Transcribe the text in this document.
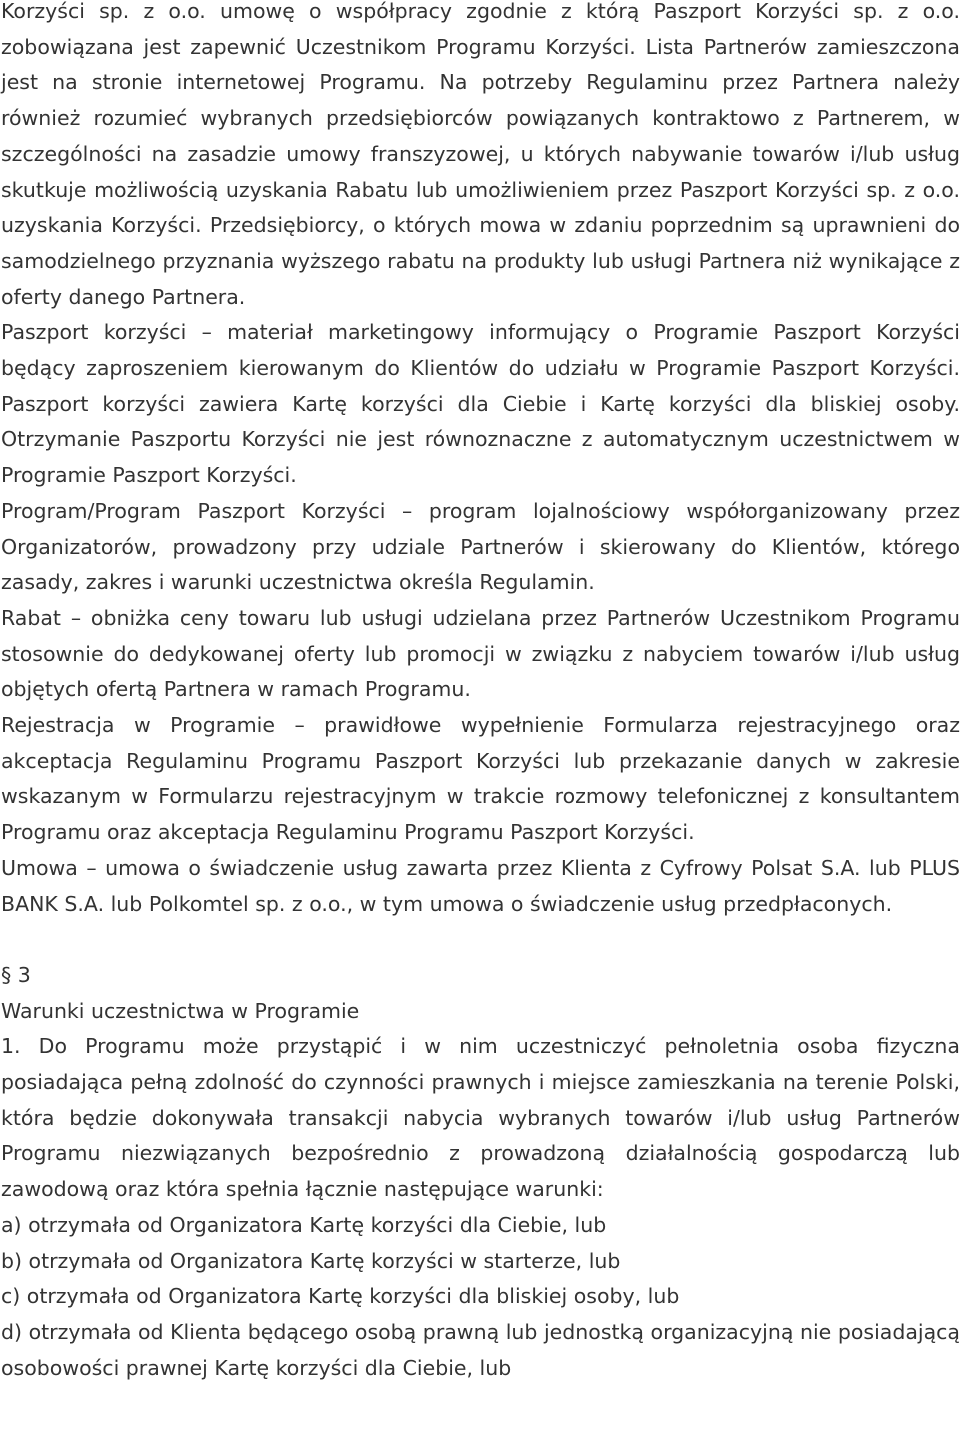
Korzyści sp. z o.o. umowę o współpracy zgodnie z którą Paszport Korzyści sp. z o.o. zobowiązana jest zapewnić Uczestnikom Programu Korzyści. Lista Partnerów zamieszczona jest na stronie internetowej Programu. Na potrzeby Regulaminu przez Partnera należy również rozumieć wybranych przedsiębiorców powiązanych kontraktowo z Partnerem, w szczególności na zasadzie umowy franszyzowej, u których nabywanie towarów i/lub usług skutkuje możliwością uzyskania Rabatu lub umożliwieniem przez Paszport Korzyści sp. z o.o. uzyskania Korzyści. Przedsiębiorcy, o których mowa w zdaniu poprzednim są uprawnieni do samodzielnego przyznania wyższego rabatu na produkty lub usługi Partnera niż wynikające z oferty danego Partnera.

Paszport korzyści – materiał marketingowy informujący o Programie Paszport Korzyści będący zaproszeniem kierowanym do Klientów do udziału w Programie Paszport Korzyści. Paszport korzyści zawiera Kartę korzyści dla Ciebie i Kartę korzyści dla bliskiej osoby. Otrzymanie Paszportu Korzyści nie jest równoznaczne z automatycznym uczestnictwem w Programie Paszport Korzyści.

Program/Program Paszport Korzyści – program lojalnościowy współorganizowany przez Organizatorów, prowadzony przy udziale Partnerów i skierowany do Klientów, którego zasady, zakres i warunki uczestnictwa określa Regulamin.

Rabat – obniżka ceny towaru lub usługi udzielana przez Partnerów Uczestnikom Programu stosownie do dedykowanej oferty lub promocji w związku z nabyciem towarów i/lub usług objętych ofertą Partnera w ramach Programu.

Rejestracja w Programie – prawidłowe wypełnienie Formularza rejestracyjnego oraz akceptacja Regulaminu Programu Paszport Korzyści lub przekazanie danych w zakresie wskazanym w Formularzu rejestracyjnym w trakcie rozmowy telefonicznej z konsultantem Programu oraz akceptacja Regulaminu Programu Paszport Korzyści.

Umowa – umowa o świadczenie usług zawarta przez Klienta z Cyfrowy Polsat S.A. lub PLUS BANK S.A. lub Polkomtel sp. z o.o., w tym umowa o świadczenie usług przedpłaconych.

§ 3

Warunki uczestnictwa w Programie

1. Do Programu może przystąpić i w nim uczestniczyć pełnoletnia osoba fizyczna posiadająca pełną zdolność do czynności prawnych i miejsce zamieszkania na terenie Polski, która będzie dokonywała transakcji nabycia wybranych towarów i/lub usług Partnerów Programu niezwiązanych bezpośrednio z prowadzoną działalnością gospodarczą lub zawodową oraz która spełnia łącznie następujące warunki:

a) otrzymała od Organizatora Kartę korzyści dla Ciebie, lub

b) otrzymała od Organizatora Kartę korzyści w starterze, lub

c) otrzymała od Organizatora Kartę korzyści dla bliskiej osoby, lub

d) otrzymała od Klienta będącego osobą prawną lub jednostką organizacyjną nie posiadającą osobowości prawnej Kartę korzyści dla Ciebie, lub
